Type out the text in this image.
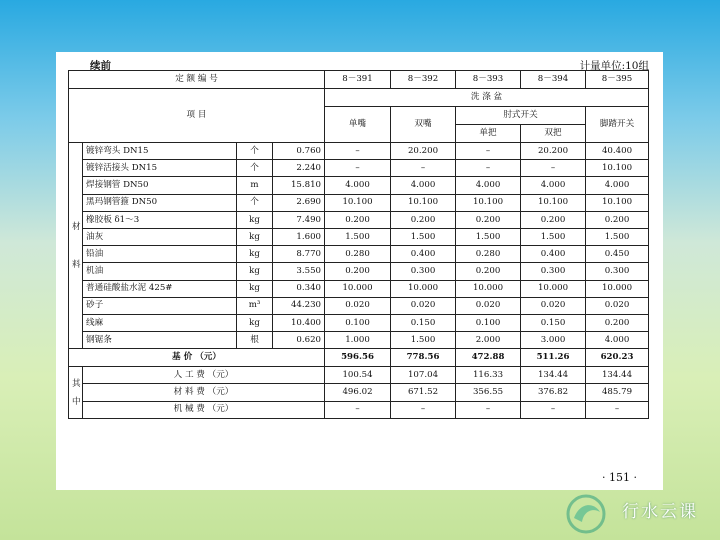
续前	计量单位:10组
定 额 编 号				8－391	8－392	8－393	8－394	8－395
项 目				洗 涤 盆				
				单嘴	双嘴	肘式开关		脚踏开关
						单把	双把	

材
料	镀锌弯头 DN15	个	0.760	–	20.200	–	20.200	40.400
	镀锌活接头 DN15	个	2.240	–	–	–	–	10.100
	焊接钢管 DN50	m	15.810	4.000	4.000	4.000	4.000	4.000
	黑玛钢管箍 DN50	个	2.690	10.100	10.100	10.100	10.100	10.100
	橡胶板 δ1～3	kg	7.490	0.200	0.200	0.200	0.200	0.200
	油灰	kg	1.600	1.500	1.500	1.500	1.500	1.500
	铅油	kg	8.770	0.280	0.400	0.280	0.400	0.450
	机油	kg	3.550	0.200	0.300	0.200	0.300	0.300
	普通硅酸盐水泥 425#	kg	0.340	10.000	10.000	10.000	10.000	10.000
	砂子	m³	44.230	0.020	0.020	0.020	0.020	0.020
	线麻	kg	10.400	0.100	0.150	0.100	0.150	0.200
	钢锯条	根	0.620	1.000	1.500	2.000	3.000	4.000
基 价 （元）				596.56	778.56	472.88	511.26	620.23

其
中	人 工 费 （元）			100.54	107.04	116.33	134.44	134.44
	材 料 费 （元）			496.02	671.52	356.55	376.82	485.79
	机 械 费 （元）			–	–	–	–	–
· 151 ·
行水云课
